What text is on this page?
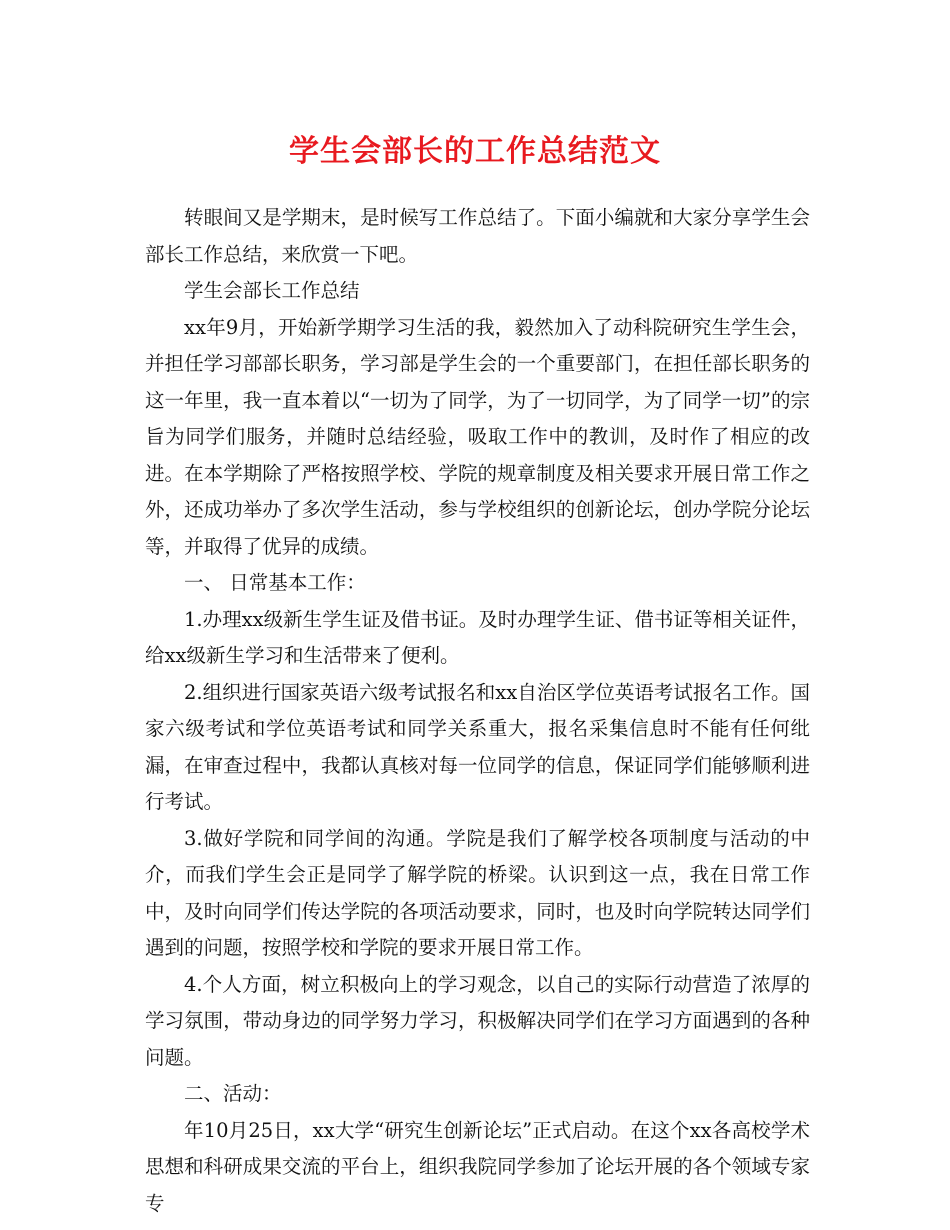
学生会部长的工作总结范文

转眼间又是学期末，是时候写工作总结了。下面小编就和大家分享学生会部长工作总结，来欣赏一下吧。

学生会部长工作总结

xx年9月，开始新学期学习生活的我，毅然加入了动科院研究生学生会，并担任学习部部长职务，学习部是学生会的一个重要部门，在担任部长职务的这一年里，我一直本着以“一切为了同学，为了一切同学，为了同学一切”的宗旨为同学们服务，并随时总结经验，吸取工作中的教训，及时作了相应的改进。在本学期除了严格按照学校、学院的规章制度及相关要求开展日常工作之外，还成功举办了多次学生活动，参与学校组织的创新论坛，创办学院分论坛等，并取得了优异的成绩。

一、 日常基本工作：

1.办理xx级新生学生证及借书证。及时办理学生证、借书证等相关证件，给xx级新生学习和生活带来了便利。

2.组织进行国家英语六级考试报名和xx自治区学位英语考试报名工作。国家六级考试和学位英语考试和同学关系重大，报名采集信息时不能有任何纰漏，在审查过程中，我都认真核对每一位同学的信息，保证同学们能够顺利进行考试。

3.做好学院和同学间的沟通。学院是我们了解学校各项制度与活动的中介，而我们学生会正是同学了解学院的桥梁。认识到这一点，我在日常工作中，及时向同学们传达学院的各项活动要求，同时，也及时向学院转达同学们遇到的问题，按照学校和学院的要求开展日常工作。

4.个人方面，树立积极向上的学习观念，以自己的实际行动营造了浓厚的学习氛围，带动身边的同学努力学习，积极解决同学们在学习方面遇到的各种问题。

二、活动：

年10月25日，xx大学“研究生创新论坛”正式启动。在这个xx各高校学术思想和科研成果交流的平台上，组织我院同学参加了论坛开展的各个领域专家专
